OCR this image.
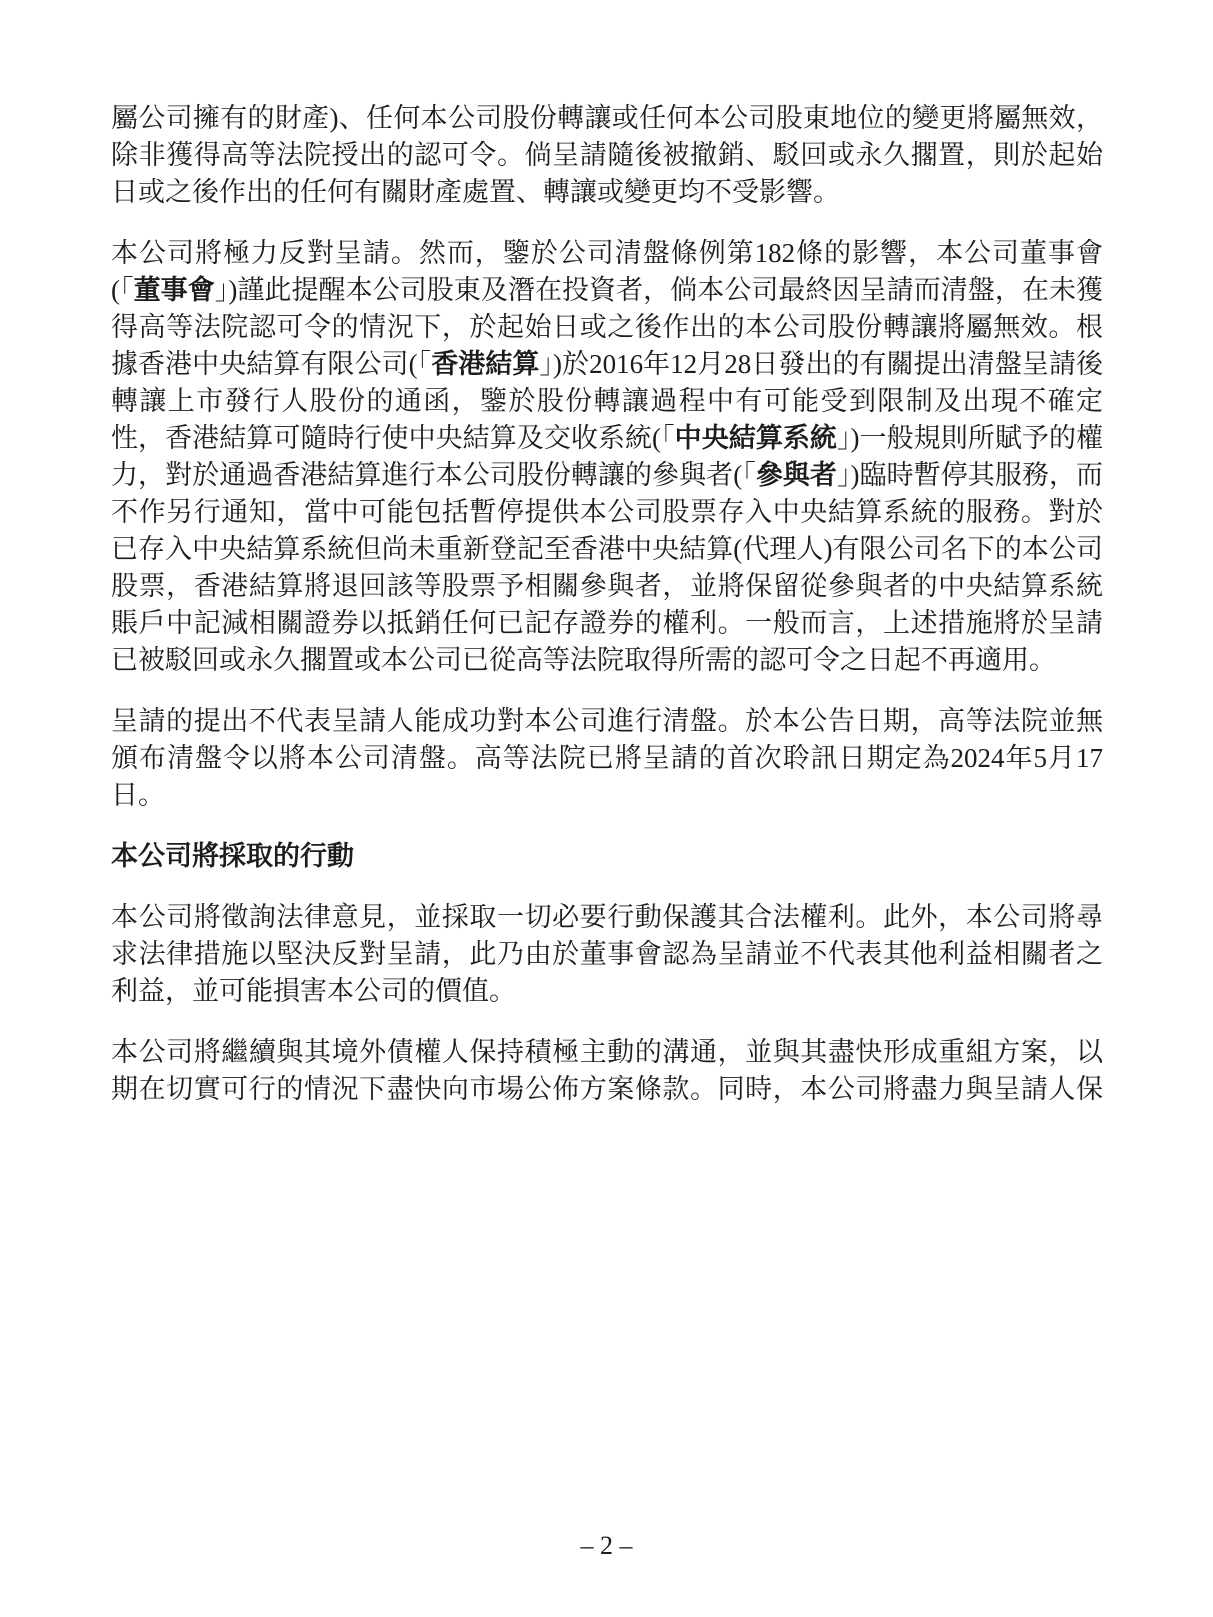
屬公司擁有的財產)、任何本公司股份轉讓或任何本公司股東地位的變更將屬無效，除非獲得高等法院授出的認可令。倘呈請隨後被撤銷、駁回或永久擱置，則於起始日或之後作出的任何有關財產處置、轉讓或變更均不受影響。

本公司將極力反對呈請。然而，鑒於公司清盤條例第182條的影響，本公司董事會(「董事會」)謹此提醒本公司股東及潛在投資者，倘本公司最終因呈請而清盤，在未獲得高等法院認可令的情況下，於起始日或之後作出的本公司股份轉讓將屬無效。根據香港中央結算有限公司(「香港結算」)於2016年12月28日發出的有關提出清盤呈請後轉讓上市發行人股份的通函，鑒於股份轉讓過程中有可能受到限制及出現不確定性，香港結算可隨時行使中央結算及交收系統(「中央結算系統」)一般規則所賦予的權力，對於通過香港結算進行本公司股份轉讓的參與者(「參與者」)臨時暫停其服務，而不作另行通知，當中可能包括暫停提供本公司股票存入中央結算系統的服務。對於已存入中央結算系統但尚未重新登記至香港中央結算(代理人)有限公司名下的本公司股票，香港結算將退回該等股票予相關參與者，並將保留從參與者的中央結算系統賬戶中記減相關證券以抵銷任何已記存證券的權利。一般而言，上述措施將於呈請已被駁回或永久擱置或本公司已從高等法院取得所需的認可令之日起不再適用。

呈請的提出不代表呈請人能成功對本公司進行清盤。於本公告日期，高等法院並無頒布清盤令以將本公司清盤。高等法院已將呈請的首次聆訊日期定為2024年5月17日。

本公司將採取的行動

本公司將徵詢法律意見，並採取一切必要行動保護其合法權利。此外，本公司將尋求法律措施以堅決反對呈請，此乃由於董事會認為呈請並不代表其他利益相關者之利益，並可能損害本公司的價值。

本公司將繼續與其境外債權人保持積極主動的溝通，並與其盡快形成重組方案，以期在切實可行的情況下盡快向市場公佈方案條款。同時，本公司將盡力與呈請人保

– 2 –
